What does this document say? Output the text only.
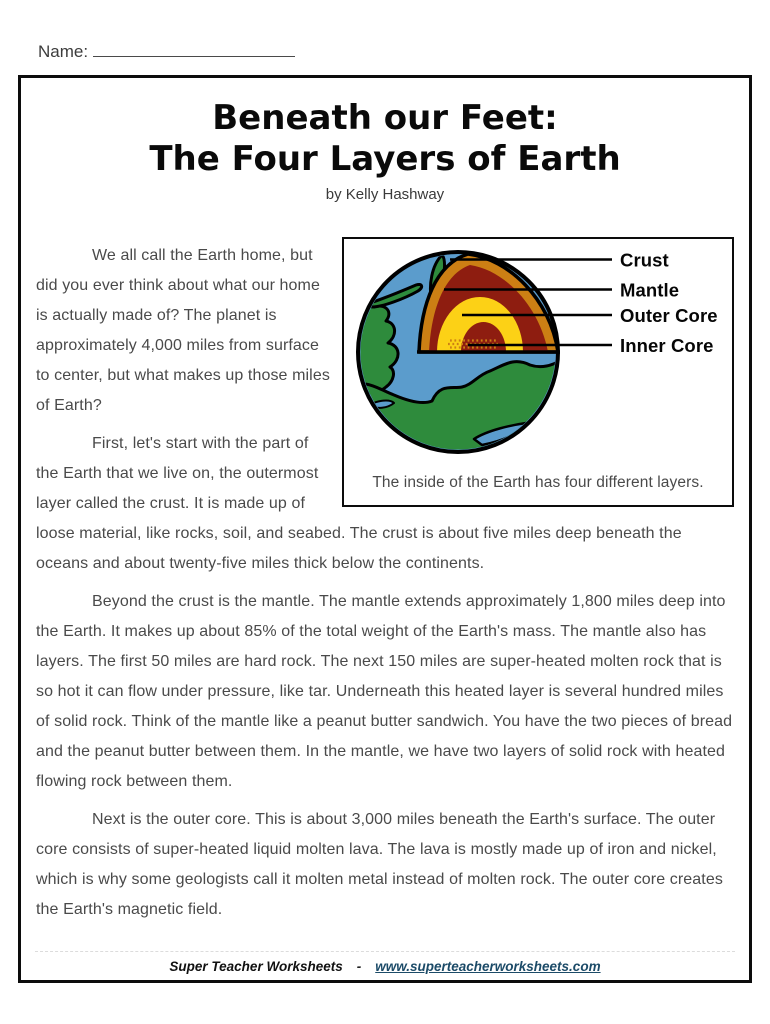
Name:
Beneath our Feet:
The Four Layers of Earth
by Kelly Hashway
Crust
Mantle
Outer Core
Inner Core
The inside of the Earth has four different layers.

We all call the Earth home, but did you ever think about what our home is actually made of? The planet is approximately 4,000 miles from surface to center, but what makes up those miles of Earth?

First, let's start with the part of the Earth that we live on, the outermost layer called the crust. It is made up of loose material, like rocks, soil, and seabed. The crust is about five miles deep beneath the oceans and about twenty-five miles thick below the continents.

Beyond the crust is the mantle. The mantle extends approximately 1,800 miles deep into the Earth. It makes up about 85% of the total weight of the Earth's mass. The mantle also has layers. The first 50 miles are hard rock. The next 150 miles are super-heated molten rock that is so hot it can flow under pressure, like tar. Underneath this heated layer is several hundred miles of solid rock. Think of the mantle like a peanut butter sandwich. You have the two pieces of bread and the peanut butter between them. In the mantle, we have two layers of solid rock with heated flowing rock between them.

Next is the outer core. This is about 3,000 miles beneath the Earth's surface. The outer core consists of super-heated liquid molten lava. The lava is mostly made up of iron and nickel, which is why some geologists call it molten metal instead of molten rock. The outer core creates the Earth's magnetic field.

Super Teacher Worksheets - www.superteacherworksheets.com
